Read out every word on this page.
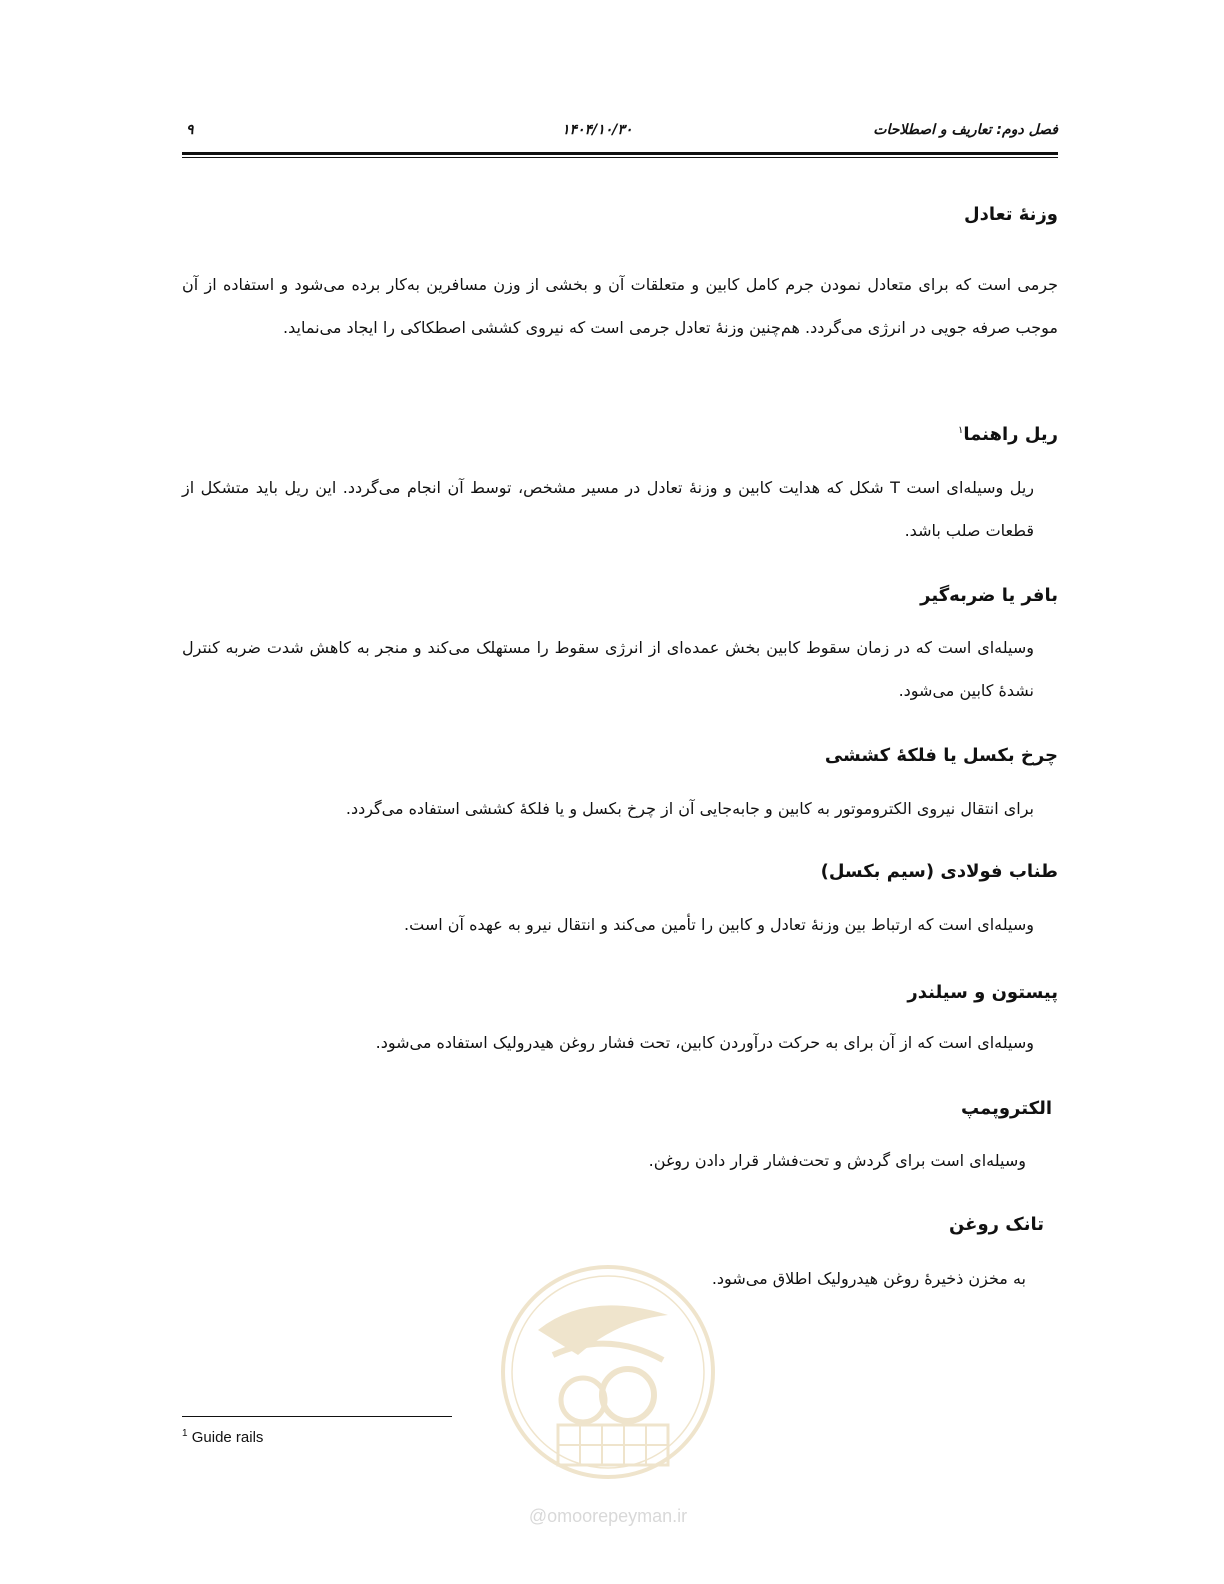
فصل دوم: تعاریف و اصطلاحات
۱۴۰۴/۱۰/۳۰
۹
وزنهٔ تعادل
جرمی است که برای متعادل نمودن جرم کامل کابین و متعلقات آن و بخشی از وزن مسافرین به‌کار برده می‌شود و استفاده از آن موجب صرفه جویی در انرژی می‌گردد. هم‌چنین وزنهٔ تعادل جرمی است که نیروی کششی اصطکاکی را ایجاد می‌نماید.
ریل راهنما$^۱$
ریل وسیله‌ای است T شکل که هدایت کابین و وزنهٔ تعادل در مسیر مشخص، توسط آن انجام می‌گردد. این ریل باید متشکل از قطعات صلب باشد.
بافر یا ضربه‌گیر
وسیله‌ای است که در زمان سقوط کابین بخش عمده‌ای از انرژی سقوط را مستهلک می‌کند و منجر به کاهش شدت ضربه کنترل نشدهٔ کابین می‌شود.
چرخ بکسل یا فلکهٔ کششی
برای انتقال نیروی الکتروموتور به کابین و جابه‌جایی آن از چرخ بکسل و یا فلکهٔ کششی استفاده می‌گردد.
طناب فولادی (سیم بکسل)
وسیله‌ای است که ارتباط بین وزنهٔ تعادل و کابین را تأمین می‌کند و انتقال نیرو به عهده آن است.
پیستون و سیلندر
وسیله‌ای است که از آن برای به حرکت درآوردن کابین، تحت فشار روغن هیدرولیک استفاده می‌شود.
الکتروپمپ
وسیله‌ای است برای گردش و تحت‌فشار قرار دادن روغن.
تانک روغن
به مخزن ذخیرهٔ روغن هیدرولیک اطلاق می‌شود.
@omoorepeyman.ir
$^1$ Guide rails
